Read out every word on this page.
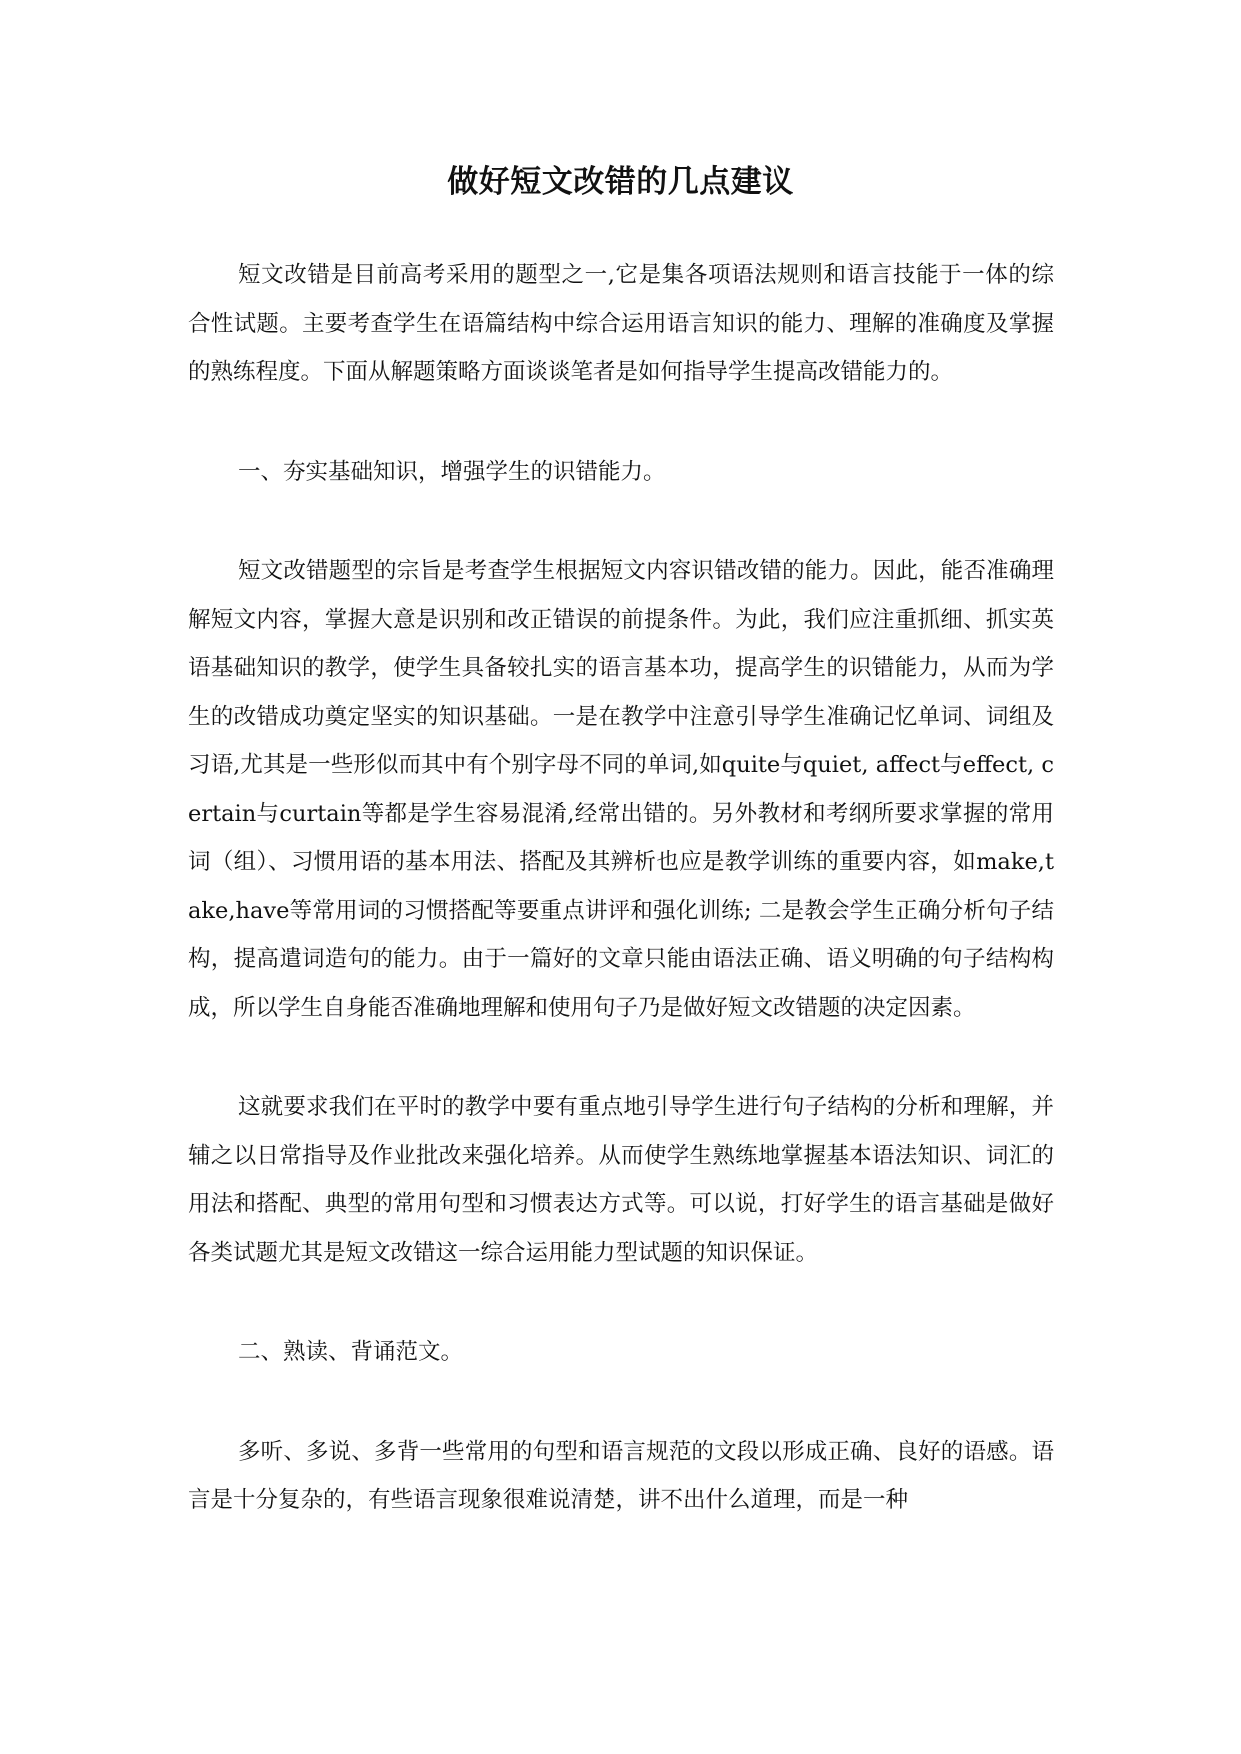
做好短文改错的几点建议

短文改错是目前高考采用的题型之一,它是集各项语法规则和语言技能于一体的综合性试题。主要考查学生在语篇结构中综合运用语言知识的能力、理解的准确度及掌握的熟练程度。下面从解题策略方面谈谈笔者是如何指导学生提高改错能力的。

一、夯实基础知识，增强学生的识错能力。

短文改错题型的宗旨是考查学生根据短文内容识错改错的能力。因此，能否准确理解短文内容，掌握大意是识别和改正错误的前提条件。为此，我们应注重抓细、抓实英语基础知识的教学，使学生具备较扎实的语言基本功，提高学生的识错能力，从而为学生的改错成功奠定坚实的知识基础。一是在教学中注意引导学生准确记忆单词、词组及习语,尤其是一些形似而其中有个别字母不同的单词,如quite与quiet, affect与effect, certain与curtain等都是学生容易混淆,经常出错的。另外教材和考纲所要求掌握的常用词（组）、习惯用语的基本用法、搭配及其辨析也应是教学训练的重要内容，如make,take,have等常用词的习惯搭配等要重点讲评和强化训练; 二是教会学生正确分析句子结构，提高遣词造句的能力。由于一篇好的文章只能由语法正确、语义明确的句子结构构成，所以学生自身能否准确地理解和使用句子乃是做好短文改错题的决定因素。

这就要求我们在平时的教学中要有重点地引导学生进行句子结构的分析和理解，并辅之以日常指导及作业批改来强化培养。从而使学生熟练地掌握基本语法知识、词汇的用法和搭配、典型的常用句型和习惯表达方式等。可以说，打好学生的语言基础是做好各类试题尤其是短文改错这一综合运用能力型试题的知识保证。

二、熟读、背诵范文。

多听、多说、多背一些常用的句型和语言规范的文段以形成正确、良好的语感。语言是十分复杂的，有些语言现象很难说清楚，讲不出什么道理，而是一种
